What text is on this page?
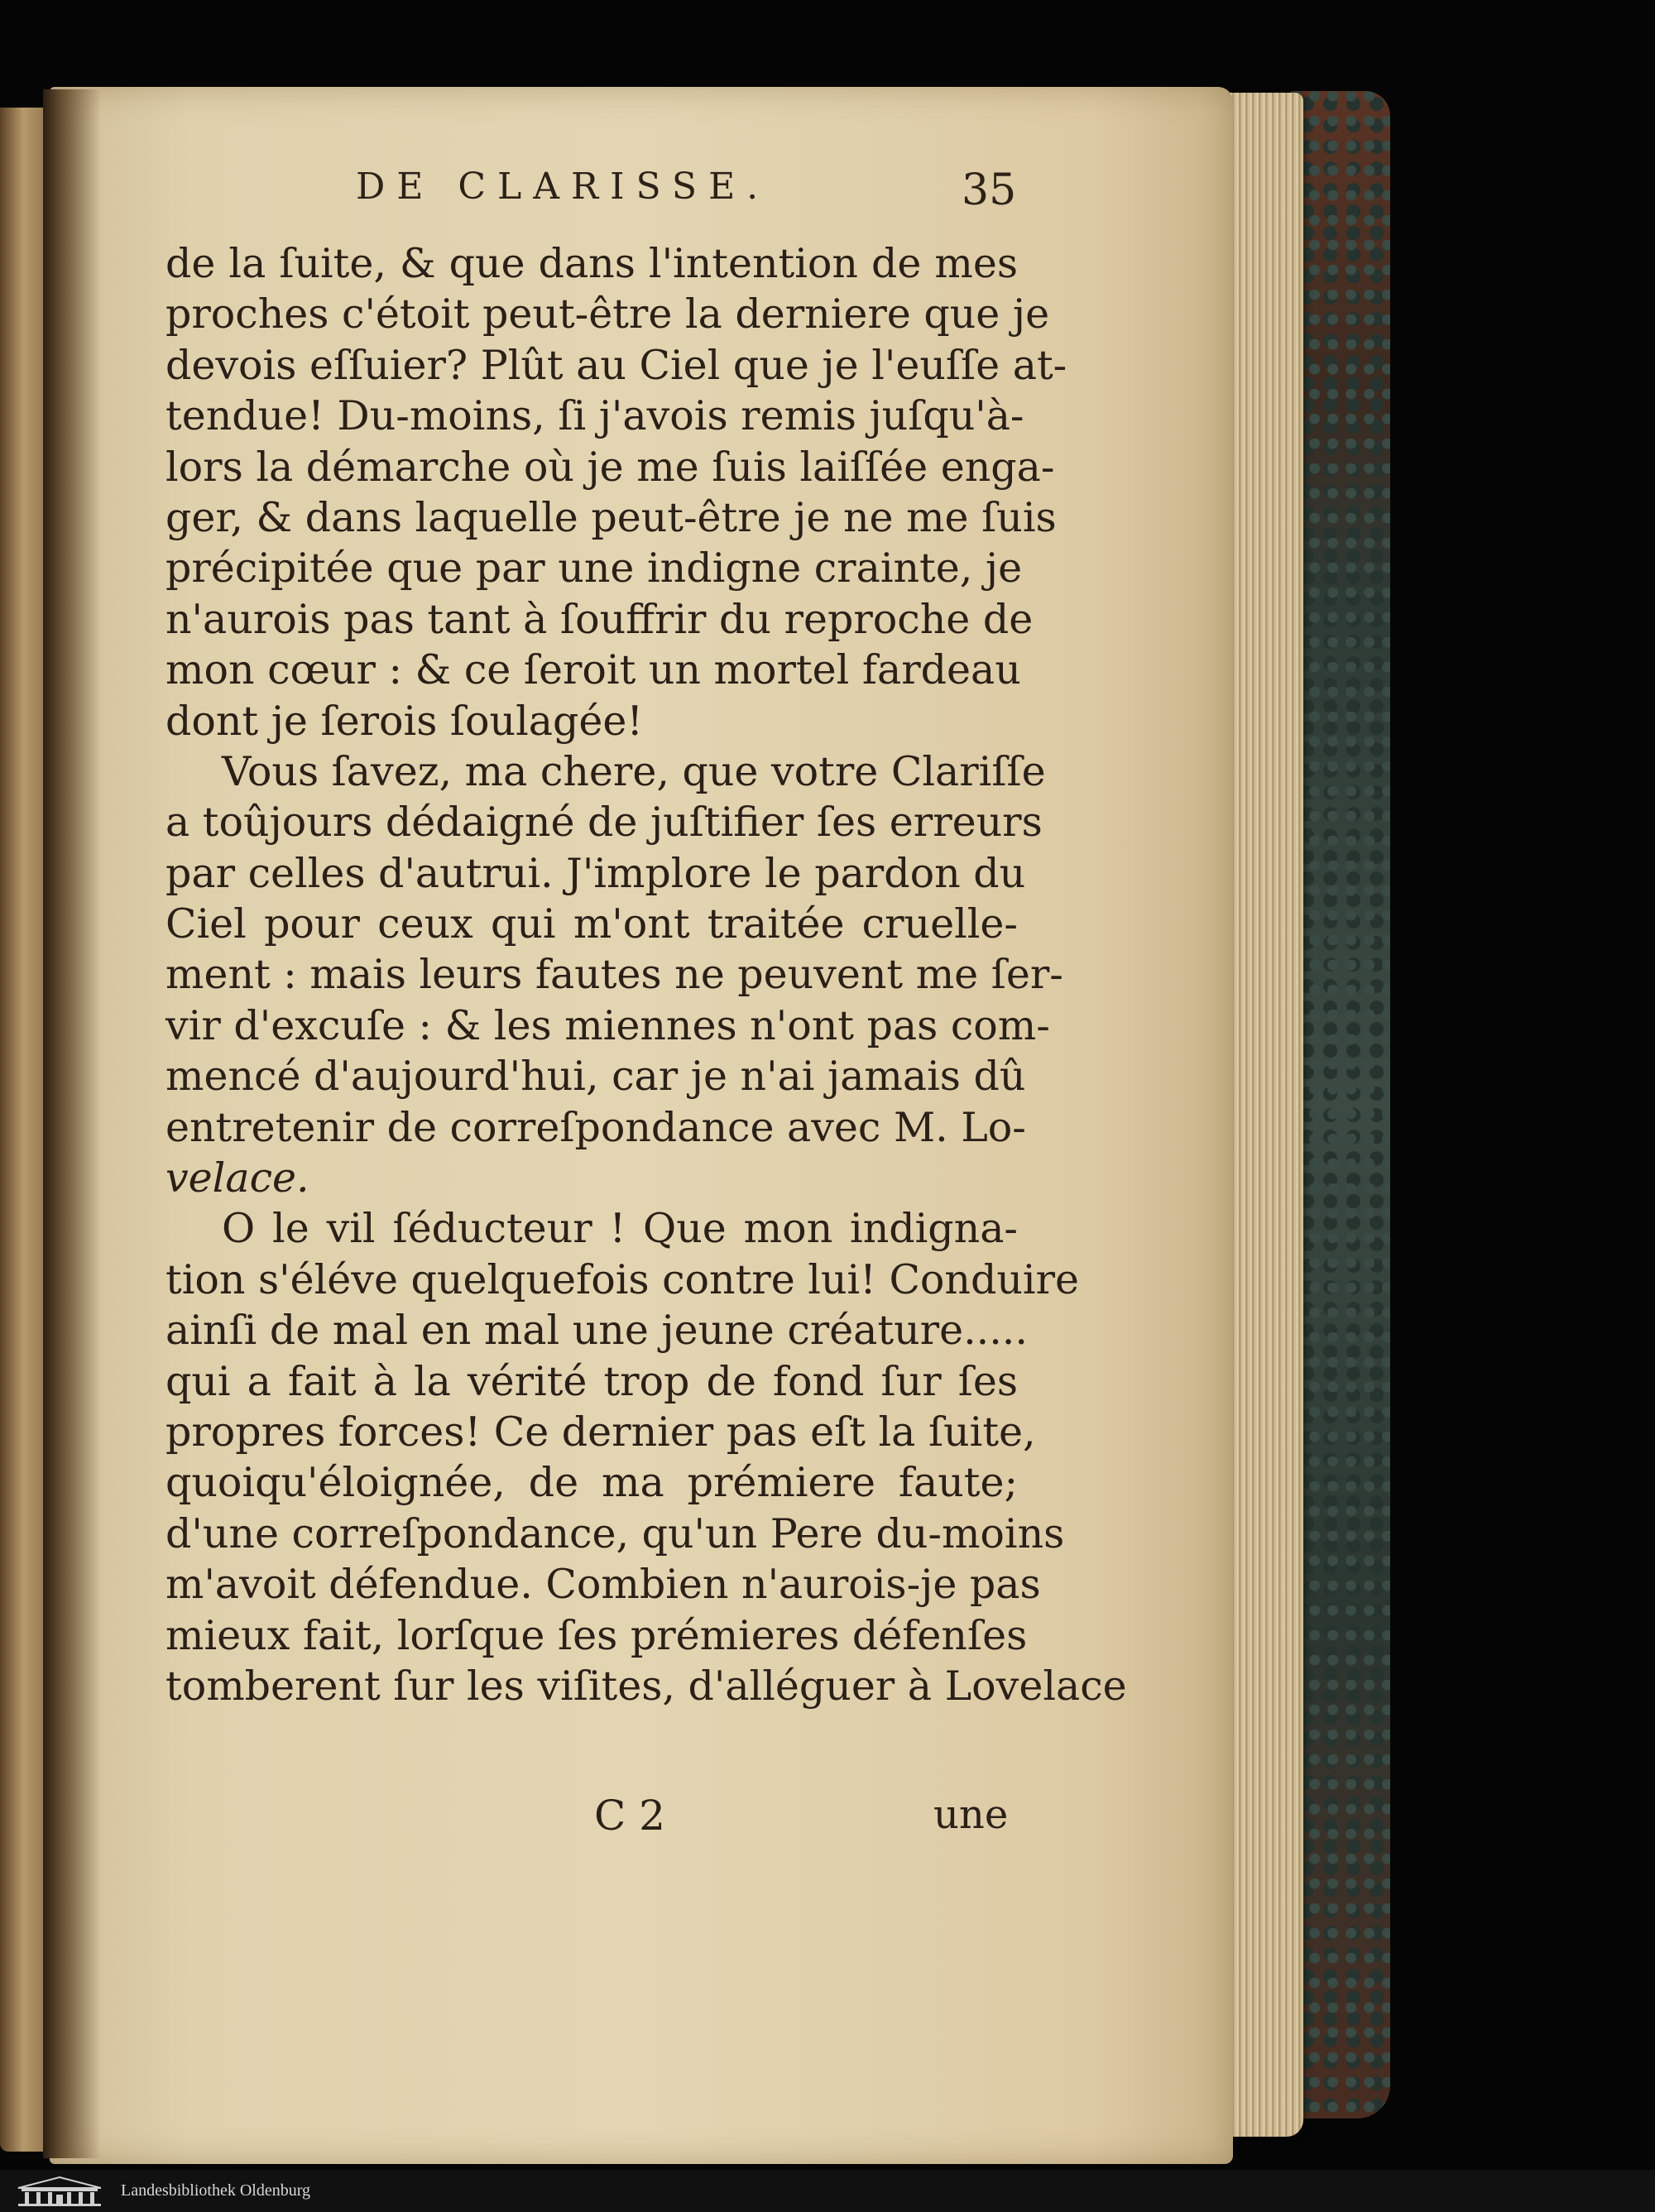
DE CLARISSE.	35
de la ſuite, & que dans l'intention de mes
proches c'étoit peut-être la derniere que je
devois eſſuier? Plût au Ciel que je l'euſſe at-
tendue! Du-moins, ſi j'avois remis juſqu'à-
lors la démarche où je me ſuis laiſſée enga-
ger, & dans laquelle peut-être je ne me ſuis
précipitée que par une indigne crainte, je
n'aurois pas tant à ſouffrir du reproche de
mon cœur : & ce ſeroit un mortel fardeau
dont je ſerois ſoulagée!
Vous ſavez, ma chere, que votre Clariſſe
a toûjours dédaigné de juſtifier ſes erreurs
par celles d'autrui. J'implore le pardon du
Ciel pour ceux qui m'ont traitée cruelle-
ment : mais leurs fautes ne peuvent me ſer-
vir d'excuſe : & les miennes n'ont pas com-
mencé d'aujourd'hui, car je n'ai jamais dû
entretenir de correſpondance avec M. Lo-
velace.
O le vil ſéducteur ! Que mon indigna-
tion s'éléve quelquefois contre lui! Conduire
ainſi de mal en mal une jeune créature.....
qui a fait à la vérité trop de fond ſur ſes
propres forces! Ce dernier pas eſt la ſuite,
quoiqu'éloignée, de ma prémiere faute;
d'une correſpondance, qu'un Pere du-moins
m'avoit défendue. Combien n'aurois-je pas
mieux fait, lorſque ſes prémieres défenſes
tomberent ſur les viſites, d'alléguer à Lovelace
C 2	une
Landesbibliothek Oldenburg
